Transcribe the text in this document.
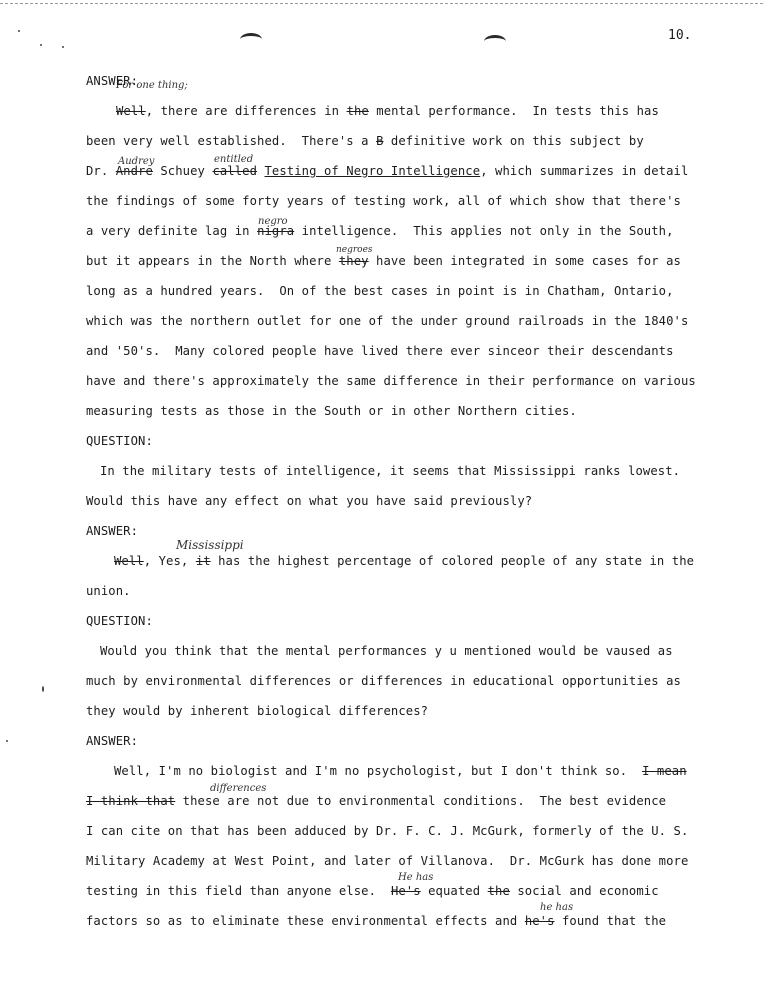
10.
For one thing;
Audrey	entitled
negro
negroes
Mississippi
differences
He has
he has
ANSWER:
Well, there are differences in the mental performance.  In tests this has
been very well established.  There's a B definitive work on this subject by
Dr. Andre Schuey called Testing of Negro Intelligence, which summarizes in detail
the findings of some forty years of testing work, all of which show that there's
a very definite lag in nigra intelligence.  This applies not only in the South,
but it appears in the North where they have been integrated in some cases for as
long as a hundred years.  On of the best cases in point is in Chatham, Ontario,
which was the northern outlet for one of the under ground railroads in the 1840's
and '50's.  Many colored people have lived there ever sinceor their descendants
have and there's approximately the same difference in their performance on various
measuring tests as those in the South or in other Northern cities.
QUESTION:
In the military tests of intelligence, it seems that Mississippi ranks lowest.
Would this have any effect on what you have said previously?
ANSWER:
Well, Yes, it has the highest percentage of colored people of any state in the
union.
QUESTION:
Would you think that the mental performances y u mentioned would be vaused as
much by environmental differences or differences in educational opportunities as
they would by inherent biological differences?
ANSWER:
Well, I'm no biologist and I'm no psychologist, but I don't think so.  I mean
I think that these are not due to environmental conditions.  The best evidence
I can cite on that has been adduced by Dr. F. C. J. McGurk, formerly of the U. S.
Military Academy at West Point, and later of Villanova.  Dr. McGurk has done more
testing in this field than anyone else.  He's equated the social and economic
factors so as to eliminate these environmental effects and he's found that the
